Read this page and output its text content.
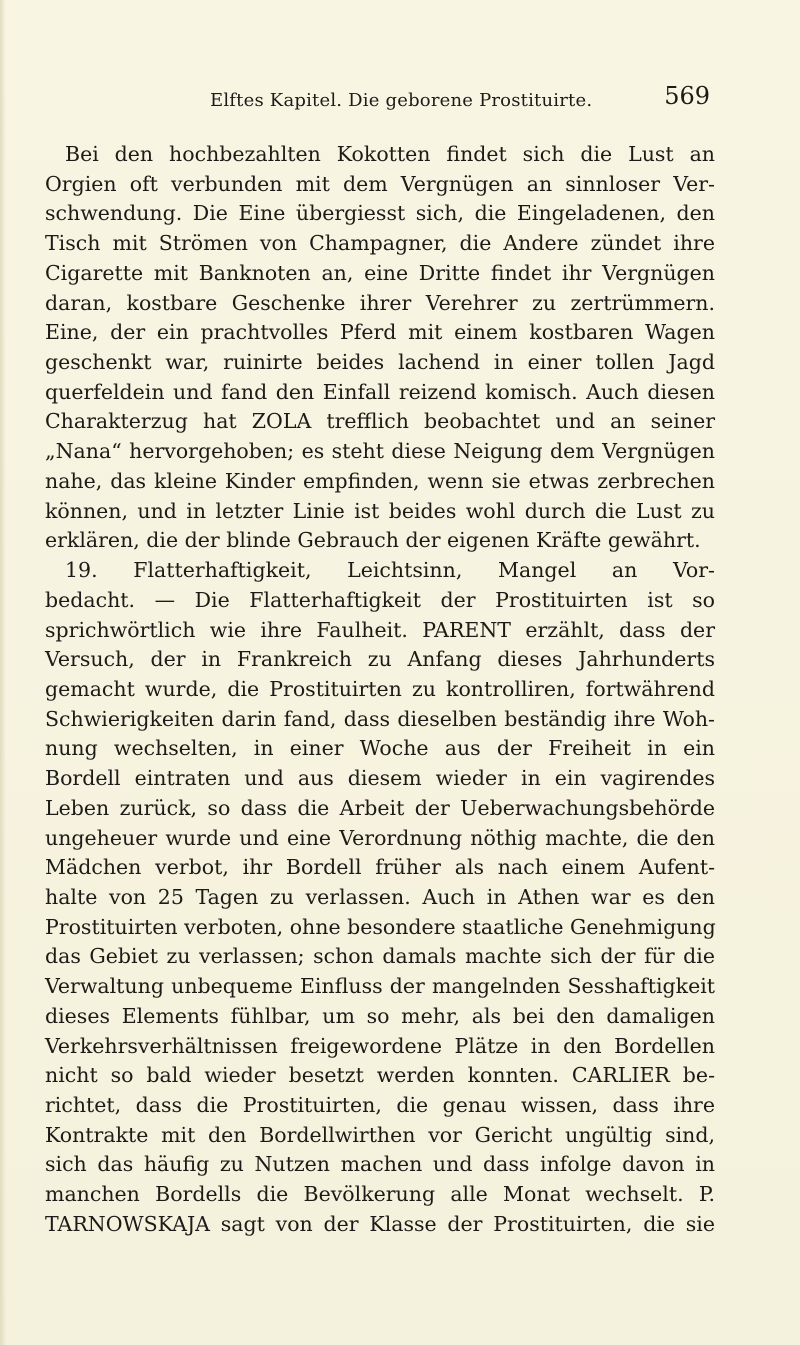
Elftes Kapitel. Die geborene Prostituirte.	569
Bei den hochbezahlten Kokotten findet sich die Lust an
Orgien oft verbunden mit dem Vergnügen an sinnloser Ver-
schwendung. Die Eine übergiesst sich, die Eingeladenen, den
Tisch mit Strömen von Champagner, die Andere zündet ihre
Cigarette mit Banknoten an, eine Dritte findet ihr Vergnügen
daran, kostbare Geschenke ihrer Verehrer zu zertrümmern.
Eine, der ein prachtvolles Pferd mit einem kostbaren Wagen
geschenkt war, ruinirte beides lachend in einer tollen Jagd
querfeldein und fand den Einfall reizend komisch. Auch diesen
Charakterzug hat ZOLA trefflich beobachtet und an seiner
„Nana“ hervorgehoben; es steht diese Neigung dem Vergnügen
nahe, das kleine Kinder empfinden, wenn sie etwas zerbrechen
können, und in letzter Linie ist beides wohl durch die Lust zu
erklären, die der blinde Gebrauch der eigenen Kräfte gewährt.
19. Flatterhaftigkeit, Leichtsinn, Mangel an Vor-
bedacht. — Die Flatterhaftigkeit der Prostituirten ist so
sprichwörtlich wie ihre Faulheit. PARENT erzählt, dass der
Versuch, der in Frankreich zu Anfang dieses Jahrhunderts
gemacht wurde, die Prostituirten zu kontrolliren, fortwährend
Schwierigkeiten darin fand, dass dieselben beständig ihre Woh-
nung wechselten, in einer Woche aus der Freiheit in ein
Bordell eintraten und aus diesem wieder in ein vagirendes
Leben zurück, so dass die Arbeit der Ueberwachungsbehörde
ungeheuer wurde und eine Verordnung nöthig machte, die den
Mädchen verbot, ihr Bordell früher als nach einem Aufent-
halte von 25 Tagen zu verlassen. Auch in Athen war es den
Prostituirten verboten, ohne besondere staatliche Genehmigung
das Gebiet zu verlassen; schon damals machte sich der für die
Verwaltung unbequeme Einfluss der mangelnden Sesshaftigkeit
dieses Elements fühlbar, um so mehr, als bei den damaligen
Verkehrsverhältnissen freigewordene Plätze in den Bordellen
nicht so bald wieder besetzt werden konnten. CARLIER be-
richtet, dass die Prostituirten, die genau wissen, dass ihre
Kontrakte mit den Bordellwirthen vor Gericht ungültig sind,
sich das häufig zu Nutzen machen und dass infolge davon in
manchen Bordells die Bevölkerung alle Monat wechselt. P.
TARNOWSKAJA sagt von der Klasse der Prostituirten, die sie
